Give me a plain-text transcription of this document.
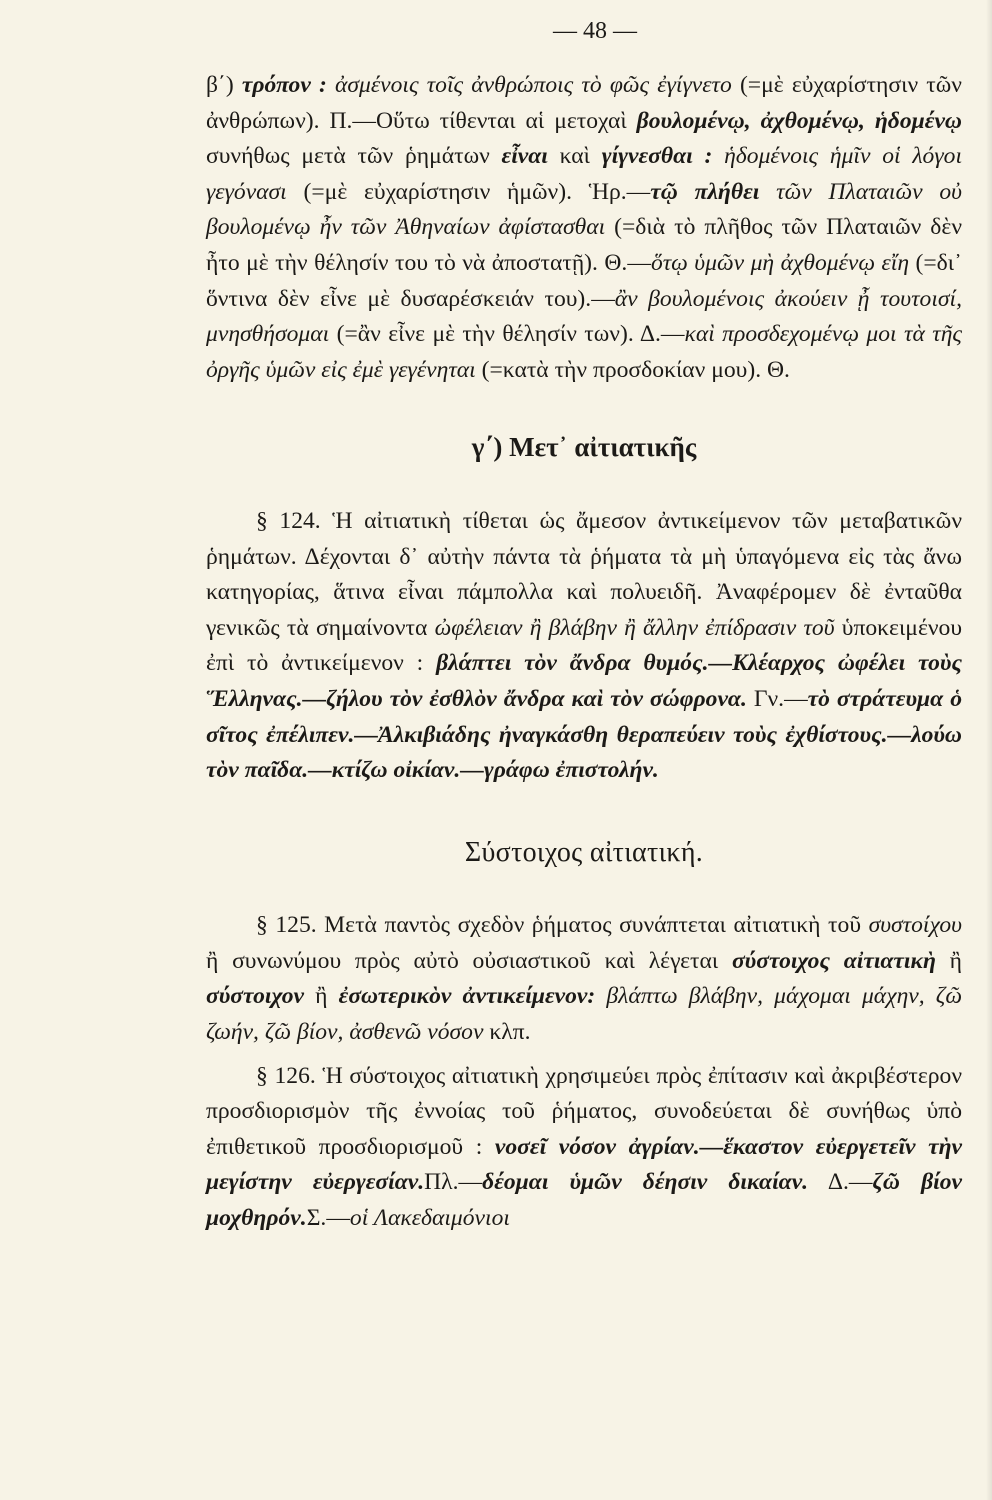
— 48 —

β΄) τρόπον : ἀσμένοις τοῖς ἀνθρώποις τὸ φῶς ἐγίγνετο (=μὲ εὐχαρίστησιν τῶν ἀνθρώπων). Π.—Οὕτω τίθενται αἱ μετοχαὶ βουλομένῳ, ἀχθομένῳ, ἡδομένῳ συνήθως μετὰ τῶν ῥημάτων εἶναι καὶ γίγνεσθαι : ἡδομένοις ἡμῖν οἱ λόγοι γεγόνασι (=μὲ εὐχαρίστησιν ἡμῶν). Ἡρ.—τῷ πλήθει τῶν Πλαταιῶν οὐ βουλομένῳ ἦν τῶν Ἀθηναίων ἀφίστασθαι (=διὰ τὸ πλῆθος τῶν Πλαταιῶν δὲν ἦτο μὲ τὴν θέλησίν του τὸ νὰ ἀποστατῇ). Θ.—ὅτῳ ὑμῶν μὴ ἀχθομένῳ εἴη (=δι᾽ ὅντινα δὲν εἶνε μὲ δυσαρέσκειάν του).—ἂν βουλομένοις ἀκούειν ᾖ τουτοισί, μνησθήσομαι (=ἂν εἶνε μὲ τὴν θέλησίν των). Δ.—καὶ προσδεχομένῳ μοι τὰ τῆς ὀργῆς ὑμῶν εἰς ἐμὲ γεγένηται (=κατὰ τὴν προσδοκίαν μου). Θ.

γ΄) Μετ᾽ αἰτιατικῆς

§ 124. Ἡ αἰτιατικὴ τίθεται ὡς ἄμεσον ἀντικείμενον τῶν μεταβατικῶν ῥημάτων. Δέχονται δ᾽ αὐτὴν πάντα τὰ ῥήματα τὰ μὴ ὑπαγόμενα εἰς τὰς ἄνω κατηγορίας, ἅτινα εἶναι πάμπολλα καὶ πολυειδῆ. Ἀναφέρομεν δὲ ἐνταῦθα γενικῶς τὰ σημαίνοντα ὠφέλειαν ἢ βλάβην ἢ ἄλλην ἐπίδρασιν τοῦ ὑποκειμένου ἐπὶ τὸ ἀντικείμενον : βλάπτει τὸν ἄνδρα θυμός.—Κλέαρχος ὠφέλει τοὺς Ἕλληνας.—ζήλου τὸν ἐσθλὸν ἄνδρα καὶ τὸν σώφρονα. Γν.—τὸ στράτευμα ὁ σῖτος ἐπέλιπεν.—Ἀλκιβιάδης ἠναγκάσθη θεραπεύειν τοὺς ἐχθίστους.—λούω τὸν παῖδα.—κτίζω οἰκίαν.—γράφω ἐπιστολήν.

Σύστοιχος αἰτιατική.

§ 125. Μετὰ παντὸς σχεδὸν ῥήματος συνάπτεται αἰτιατικὴ τοῦ συστοίχου ἢ συνωνύμου πρὸς αὐτὸ οὐσιαστικοῦ καὶ λέγεται σύστοιχος αἰτιατικὴ ἢ σύστοιχον ἢ ἐσωτερικὸν ἀντικείμενον: βλάπτω βλάβην, μάχομαι μάχην, ζῶ ζωήν, ζῶ βίον, ἀσθενῶ νόσον κλπ.

§ 126. Ἡ σύστοιχος αἰτιατικὴ χρησιμεύει πρὸς ἐπίτασιν καὶ ἀκριβέστερον προσδιορισμὸν τῆς ἐννοίας τοῦ ῥήματος, συνοδεύεται δὲ συνήθως ὑπὸ ἐπιθετικοῦ προσδιορισμοῦ : νοσεῖ νόσον ἀγρίαν.—ἕκαστον εὐεργετεῖν τὴν μεγίστην εὐεργεσίαν.Πλ.—δέομαι ὑμῶν δέησιν δικαίαν. Δ.—ζῶ βίον μοχθηρόν.Σ.—οἱ Λακεδαιμόνιοι
